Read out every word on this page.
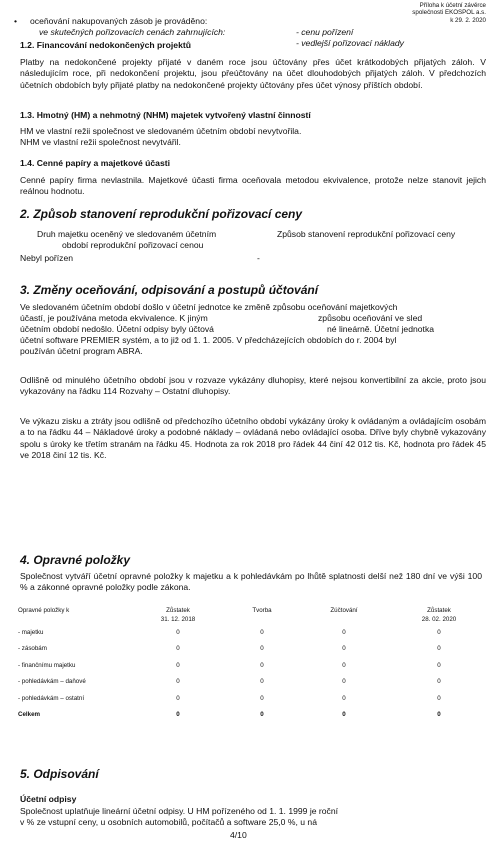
Příloha k účetní závěrce
společnosti EKOSPOL a.s.
k 29. 2. 2020
• oceňování nakupovaných zásob je prováděno:
ve skutečných pořizovacích cenách zahrnujících:	- cenu pořízení
- vedlejší pořizovací náklady
1.2. Financování nedokončených projektů
Platby na nedokončené projekty přijaté v daném roce jsou účtovány přes účet krátkodobých přijatých záloh. V následujícím roce, při nedokončení projektu, jsou přeúčtovány na účet dlouhodobých přijatých záloh. V předchozích účetních obdobích byly přijaté platby na nedokončené projekty účtovány přes účet výnosy příštích období.
1.3. Hmotný (HM) a nehmotný (NHM) majetek vytvořený vlastní činností
HM ve vlastní režii společnost ve sledovaném účetním období nevytvořila.
NHM ve vlastní režii společnost nevytvářil.
1.4. Cenné papíry a majetkové účasti
Cenné papíry firma nevlastnila. Majetkové účasti firma oceňovala metodou ekvivalence, protože nelze stanovit jejich reálnou hodnotu.
2. Způsob stanovení reprodukční pořizovací ceny
Druh majetku oceněný ve sledovaném účetním
období reprodukční pořizovací cenou
Způsob stanovení reprodukční pořizovací ceny
Nebyl pořízen	-
3. Změny oceňování, odpisování a postupů účtování
Ve sledovaném účetním období došlo v účetní jednotce ke změně způsobu oceňování majetkových
účastí, je používána metoda ekvivalence. K jiným	způsobu oceňování ve sled
účetním období nedošlo. Účetní odpisy byly účtová	né lineárně. Účetní jednotka
účetní software PREMIER systém, a to již od 1. 1. 2005. V předcházejících obdobích do r. 2004 byl
používán účetní program ABRA.
Odlišně od minulého účetního období jsou v rozvaze vykázány dluhopisy, které nejsou konvertibilní za akcie, proto jsou vykazovány na řádku 114 Rozvahy – Ostatní dluhopisy.
Ve výkazu zisku a ztráty jsou odlišně od předchozího účetního období vykázány úroky k ovládaným a ovládajícím osobám a to na řádku 44 – Nákladové úroky a podobné náklady – ovládaná nebo ovládající osoba. Dříve byly chybně vykazovány spolu s úroky ke třetím stranám na řádku 45. Hodnota za rok 2018 pro řádek 44 činí 42 012 tis. Kč, hodnota pro řádek 45 ve 2018 činí 12 tis. Kč.
4. Opravné položky
Společnost vytváří účetní opravné položky k majetku a k pohledávkám po lhůtě splatnosti delší než 180 dní ve výši 100 % a zákonné opravné položky podle zákona.
Opravné položky k	Zůstatek	Tvorba	Zúčtování	Zůstatek
	31. 12. 2018			28. 02. 2020
- majetku	0	0	0	0
- zásobám	0	0	0	0
- finančnímu majetku	0	0	0	0
- pohledávkám – daňové	0	0	0	0
- pohledávkám – ostatní	0	0	0	0
Celkem	0	0	0	0
5. Odpisování
Účetní odpisy
Společnost uplatňuje lineární účetní odpisy. U HM pořízeného od 1. 1. 1999 je roční
v % ze vstupní ceny, u osobních automobilů, počítačů a software 25,0 %, u ná
4/10
